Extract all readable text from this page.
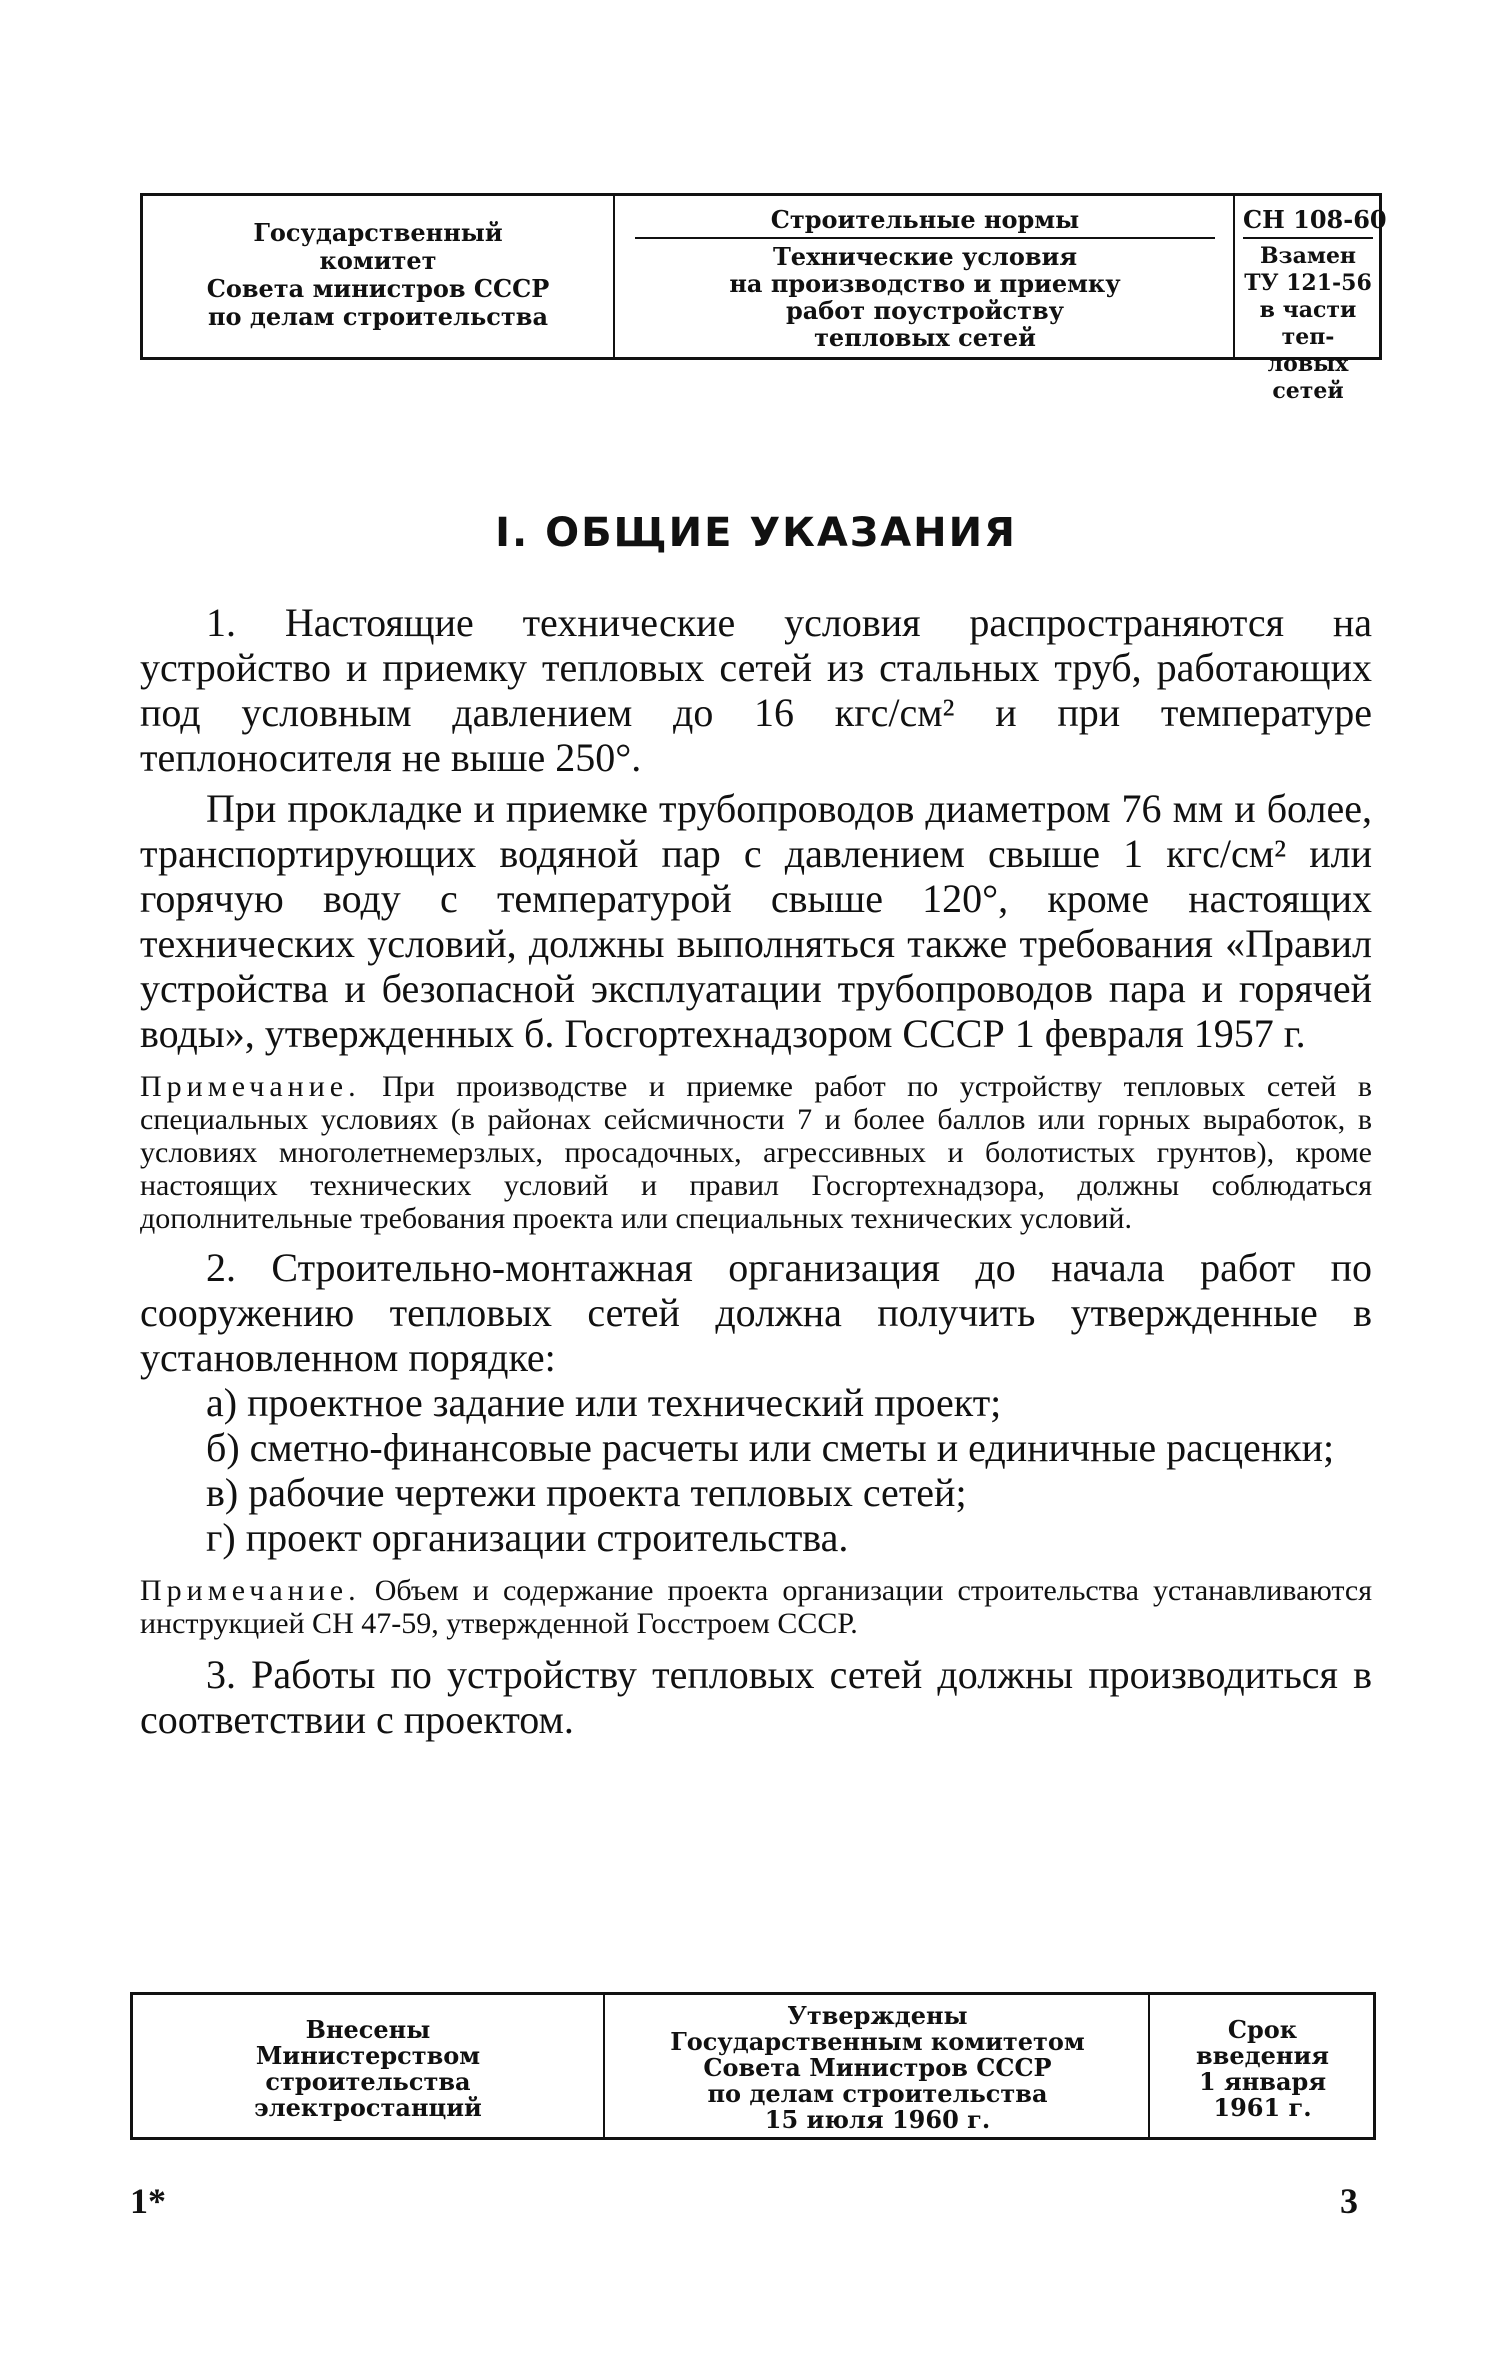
Государственный
комитет
Совета министров СССР
по делам строительства
Строительные нормы
Технические условия
на производство и приемку
работ поустройству
тепловых сетей
СН 108-60
Взамен
ТУ 121-56
в части теп-
ловых сетей
I. ОБЩИЕ УКАЗАНИЯ

1. Настоящие технические условия распространяются на устройство и приемку тепловых сетей из стальных труб, работающих под условным давлением до 16 кгс/см² и при температуре теплоносителя не выше 250°.

При прокладке и приемке трубопроводов диаметром 76 мм и более, транспортирующих водяной пар с давлением свыше 1 кгс/см² или горячую воду с температурой свыше 120°, кроме настоящих технических условий, должны выполняться также требования «Правил устройства и безопасной эксплуатации трубопроводов пара и горячей воды», утвержденных б. Госгортехнадзором СССР 1 февраля 1957 г.

Примечание. При производстве и приемке работ по устройству тепловых сетей в специальных условиях (в районах сейсмичности 7 и более баллов или горных выработок, в условиях многолетнемерзлых, просадочных, агрессивных и болотистых грунтов), кроме настоящих технических условий и правил Госгортехнадзора, должны соблюдаться дополнительные требования проекта или специальных технических условий.

2. Строительно-монтажная организация до начала работ по сооружению тепловых сетей должна получить утвержденные в установленном порядке:

а) проектное задание или технический проект;

б) сметно-финансовые расчеты или сметы и единичные расценки;

в) рабочие чертежи проекта тепловых сетей;

г) проект организации строительства.

Примечание. Объем и содержание проекта организации строительства устанавливаются инструкцией СН 47-59, утвержденной Госстроем СССР.

3. Работы по устройству тепловых сетей должны производиться в соответствии с проектом.

Внесены
Министерством
строительства
электростанций
Утверждены
Государственным комитетом
Совета Министров СССР
по делам строительства
15 июля 1960 г.
Срок
введения
1 января
1961 г.
1*	3
